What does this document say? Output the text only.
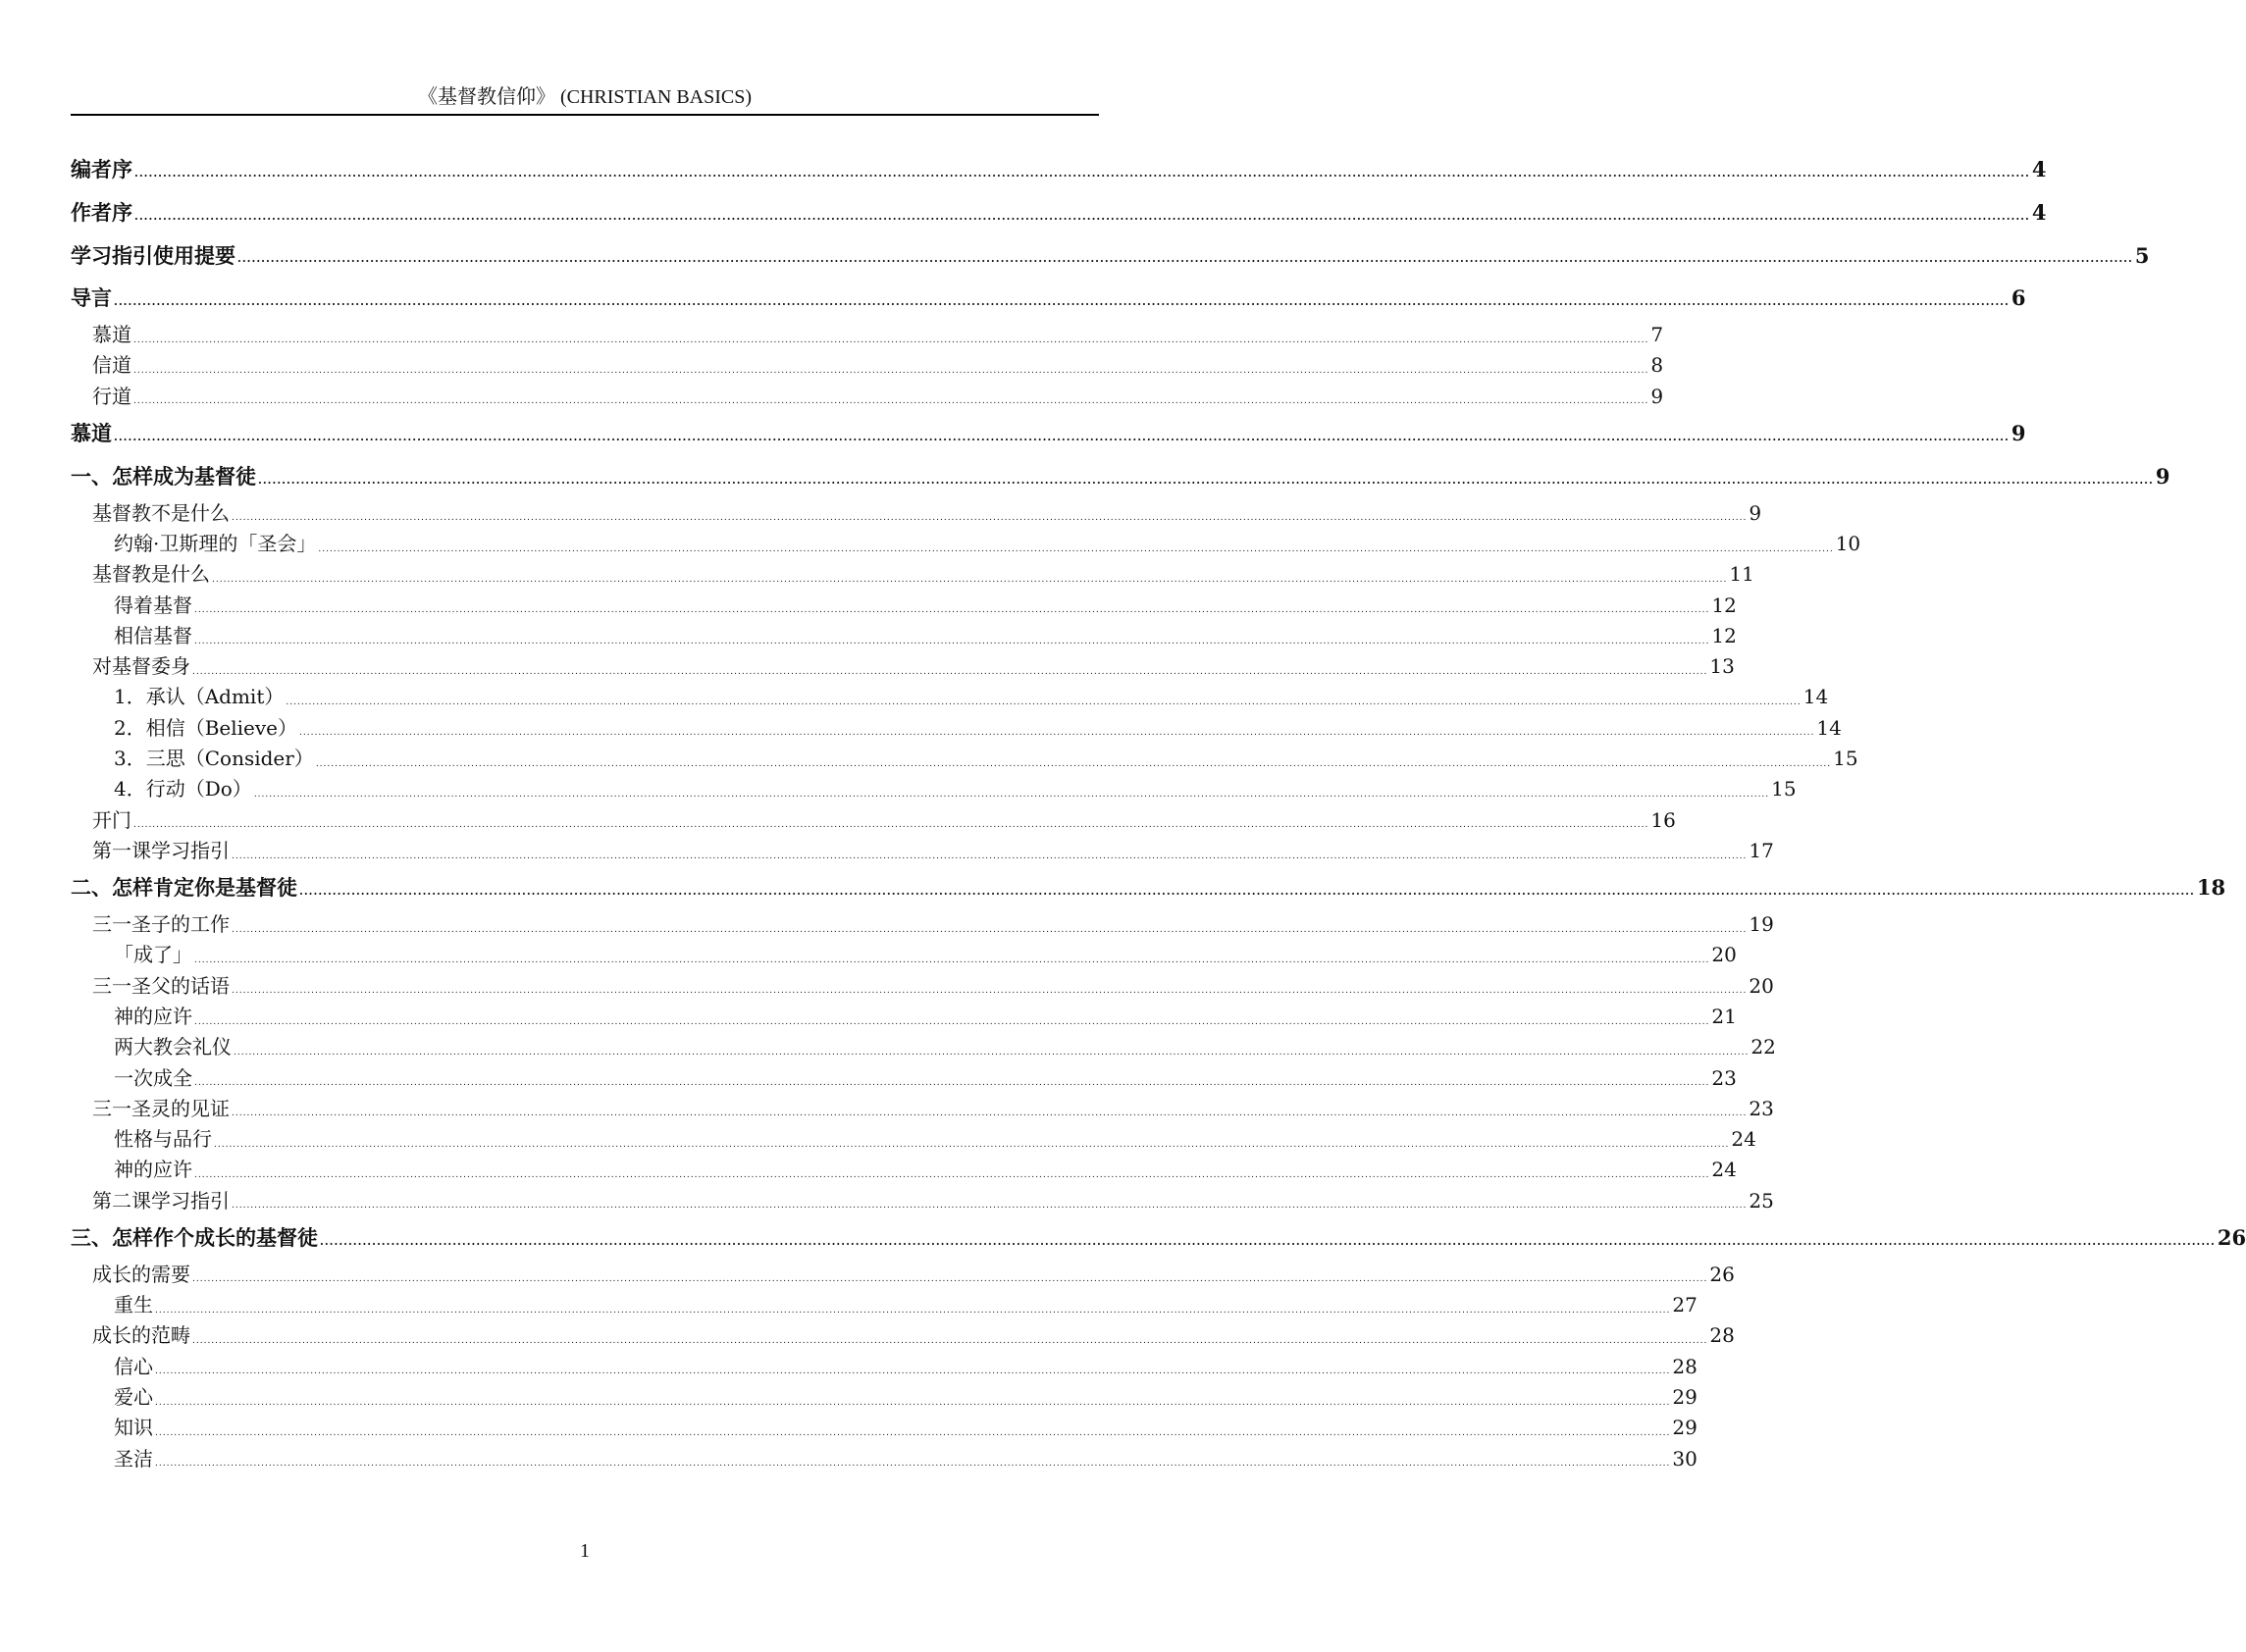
《基督教信仰》 (CHRISTIAN BASICS)
编者序 ................................................................................................................................................................................................................................................................................................................................................................................................................ 4
作者序 ................................................................................................................................................................................................................................................................................................................................................................................................................ 4
学习指引使用提要 ................................................................................................................................................................................................................................................................................................................................................................................................................ 5
导言 ................................................................................................................................................................................................................................................................................................................................................................................................................ 6
慕道 ................................................................................................................................................................................................................................................................................................................................................................................................................ 7
信道 ................................................................................................................................................................................................................................................................................................................................................................................................................ 8
行道 ................................................................................................................................................................................................................................................................................................................................................................................................................ 9
慕道 ................................................................................................................................................................................................................................................................................................................................................................................................................ 9
一、怎样成为基督徒 ................................................................................................................................................................................................................................................................................................................................................................................................................ 9
基督教不是什么 ................................................................................................................................................................................................................................................................................................................................................................................................................ 9
约翰·卫斯理的「圣会」 ................................................................................................................................................................................................................................................................................................................................................................................................................ 10
基督教是什么 ................................................................................................................................................................................................................................................................................................................................................................................................................ 11
得着基督 ................................................................................................................................................................................................................................................................................................................................................................................................................ 12
相信基督 ................................................................................................................................................................................................................................................................................................................................................................................................................ 12
对基督委身 ................................................................................................................................................................................................................................................................................................................................................................................................................ 13
1．承认（Admit） ................................................................................................................................................................................................................................................................................................................................................................................................................ 14
2．相信（Believe） ................................................................................................................................................................................................................................................................................................................................................................................................................ 14
3．三思（Consider） ................................................................................................................................................................................................................................................................................................................................................................................................................ 15
4．行动（Do） ................................................................................................................................................................................................................................................................................................................................................................................................................ 15
开门 ................................................................................................................................................................................................................................................................................................................................................................................................................ 16
第一课学习指引 ................................................................................................................................................................................................................................................................................................................................................................................................................ 17
二、怎样肯定你是基督徒 ................................................................................................................................................................................................................................................................................................................................................................................................................ 18
三一圣子的工作 ................................................................................................................................................................................................................................................................................................................................................................................................................ 19
「成了」 ................................................................................................................................................................................................................................................................................................................................................................................................................ 20
三一圣父的话语 ................................................................................................................................................................................................................................................................................................................................................................................................................ 20
神的应许 ................................................................................................................................................................................................................................................................................................................................................................................................................ 21
两大教会礼仪 ................................................................................................................................................................................................................................................................................................................................................................................................................ 22
一次成全 ................................................................................................................................................................................................................................................................................................................................................................................................................ 23
三一圣灵的见证 ................................................................................................................................................................................................................................................................................................................................................................................................................ 23
性格与品行 ................................................................................................................................................................................................................................................................................................................................................................................................................ 24
神的应许 ................................................................................................................................................................................................................................................................................................................................................................................................................ 24
第二课学习指引 ................................................................................................................................................................................................................................................................................................................................................................................................................ 25
三、怎样作个成长的基督徒 ................................................................................................................................................................................................................................................................................................................................................................................................................ 26
成长的需要 ................................................................................................................................................................................................................................................................................................................................................................................................................ 26
重生 ................................................................................................................................................................................................................................................................................................................................................................................................................ 27
成长的范畴 ................................................................................................................................................................................................................................................................................................................................................................................................................ 28
信心 ................................................................................................................................................................................................................................................................................................................................................................................................................ 28
爱心 ................................................................................................................................................................................................................................................................................................................................................................................................................ 29
知识 ................................................................................................................................................................................................................................................................................................................................................................................................................ 29
圣洁 ................................................................................................................................................................................................................................................................................................................................................................................................................ 30
1
